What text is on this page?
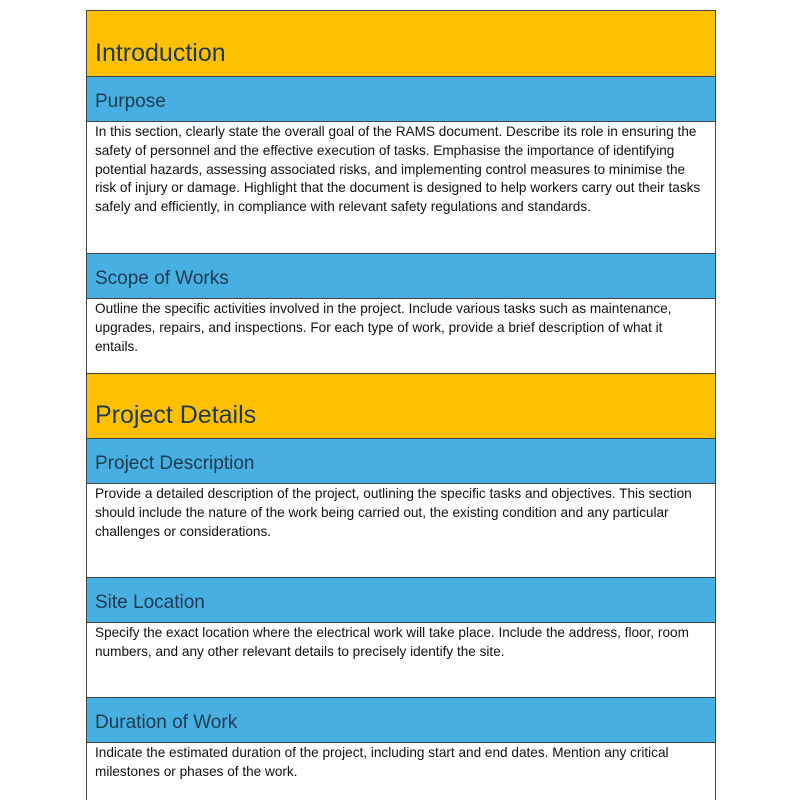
Introduction
Purpose
In this section, clearly state the overall goal of the RAMS document. Describe its role in ensuring the safety of personnel and the effective execution of tasks. Emphasise the importance of identifying potential hazards, assessing associated risks, and implementing control measures to minimise the risk of injury or damage. Highlight that the document is designed to help workers carry out their tasks safely and efficiently, in compliance with relevant safety regulations and standards.
Scope of Works
Outline the specific activities involved in the project. Include various tasks such as maintenance, upgrades, repairs, and inspections. For each type of work, provide a brief description of what it entails.
Project Details
Project Description
Provide a detailed description of the project, outlining the specific tasks and objectives. This section should include the nature of the work being carried out, the existing condition and any particular challenges or considerations.
Site Location
Specify the exact location where the electrical work will take place. Include the address, floor, room numbers, and any other relevant details to precisely identify the site.
Duration of Work
Indicate the estimated duration of the project, including start and end dates. Mention any critical milestones or phases of the work.
